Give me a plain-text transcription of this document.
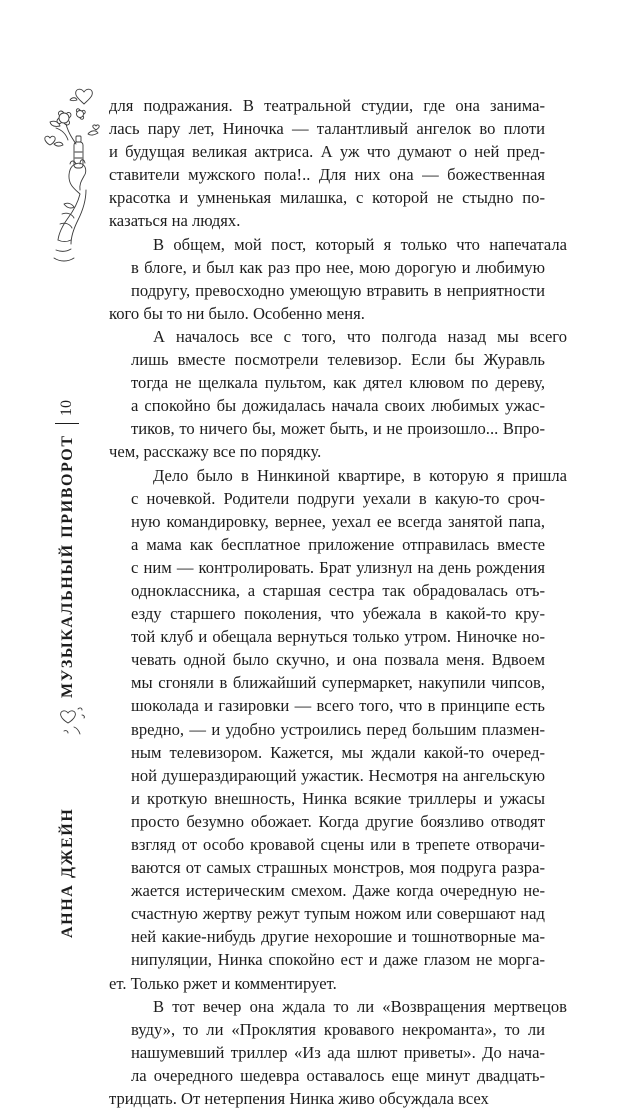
для подражания. В театральной студии, где она занима-
лась пару лет, Ниночка — талантливый ангелок во плоти
и будущая великая актриса. А уж что думают о ней пред-
ставители мужского пола!.. Для них она — божественная
красотка и умненькая милашка, с которой не стыдно по-
казаться на людях.

В общем, мой пост, который я только что напечатала
в блоге, и был как раз про нее, мою дорогую и любимую
подругу, превосходно умеющую втравить в неприятности
кого бы то ни было. Особенно меня.

А началось все с того, что полгода назад мы всего
лишь вместе посмотрели телевизор. Если бы Журавль
тогда не щелкала пультом, как дятел клювом по дереву,
а спокойно бы дожидалась начала своих любимых ужас-
тиков, то ничего бы, может быть, и не произошло... Впро-
чем, расскажу все по порядку.

Дело было в Нинкиной квартире, в которую я пришла
с ночевкой. Родители подруги уехали в какую-то сроч-
ную командировку, вернее, уехал ее всегда занятой папа,
а мама как бесплатное приложение отправилась вместе
с ним — контролировать. Брат улизнул на день рождения
одноклассника, а старшая сестра так обрадовалась отъ-
езду старшего поколения, что убежала в какой-то кру-
той клуб и обещала вернуться только утром. Ниночке но-
чевать одной было скучно, и она позвала меня. Вдвоем
мы сгоняли в ближайший супермаркет, накупили чипсов,
шоколада и газировки — всего того, что в принципе есть
вредно, — и удобно устроились перед большим плазмен-
ным телевизором. Кажется, мы ждали какой-то очеред-
ной душераздирающий ужастик. Несмотря на ангельскую
и кроткую внешность, Нинка всякие триллеры и ужасы
просто безумно обожает. Когда другие боязливо отводят
взгляд от особо кровавой сцены или в трепете отворачи-
ваются от самых страшных монстров, моя подруга разра-
жается истерическим смехом. Даже когда очередную не-
счастную жертву режут тупым ножом или совершают над
ней какие-нибудь другие нехорошие и тошнотворные ма-
нипуляции, Нинка спокойно ест и даже глазом не морга-
ет. Только ржет и комментирует.

В тот вечер она ждала то ли «Возвращения мертвецов
вуду», то ли «Проклятия кровавого некроманта», то ли
нашумевший триллер «Из ада шлют приветы». До нача-
ла очередного шедевра оставалось еще минут двадцать-
тридцать. От нетерпения Нинка живо обсуждала всех

10
МУЗЫКАЛЬНЫЙ ПРИВОРОТ
АННА ДЖЕЙН
